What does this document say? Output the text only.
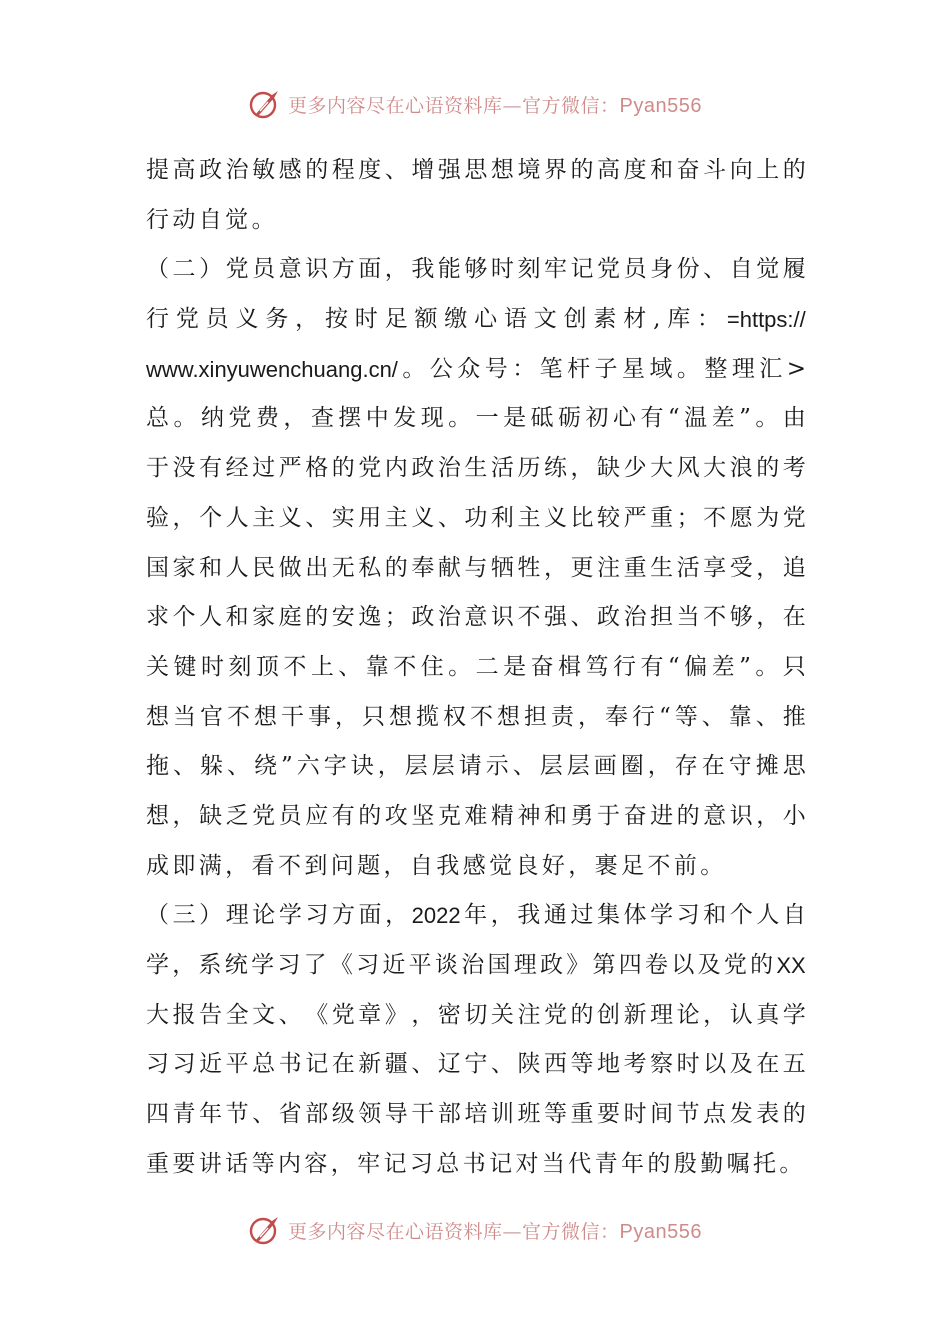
更多内容尽在心语资料库—官方微信：Pyan556
提 高 政 治 敏 感 的 程 度 、 增 强 思 想 境 界 的 高 度 和 奋 斗 向 上 的
行 动 自 觉 。
（ 二 ） 党 员 意 识 方 面 ， 我 能 够 时 刻 牢 记 党 员 身 份 、 自 觉 履
行 党 员 义 务 ， 按 时 足 额 缴 心 语 文 创 素 材 , 库 ： =https://
www.xinyuwenchuang.cn/ 。 公 众 号 ： 笔 杆 子 星 域 。 整 理 汇 >
总 。 纳 党 费 ， 查 摆 中 发 现 。 一 是 砥 砺 初 心 有 “ 温 差 ” 。 由
于 没 有 经 过 严 格 的 党 内 政 治 生 活 历 练 ， 缺 少 大 风 大 浪 的 考
验 ， 个 人 主 义 、 实 用 主 义 、 功 利 主 义 比 较 严 重 ； 不 愿 为 党
国 家 和 人 民 做 出 无 私 的 奉 献 与 牺 牲 ， 更 注 重 生 活 享 受 ， 追
求 个 人 和 家 庭 的 安 逸 ； 政 治 意 识 不 强 、 政 治 担 当 不 够 ， 在
关 键 时 刻 顶 不 上 、 靠 不 住 。 二 是 奋 楫 笃 行 有 “ 偏 差 ” 。 只
想 当 官 不 想 干 事 ， 只 想 揽 权 不 想 担 责 ， 奉 行 “ 等 、 靠 、 推
拖 、 躲 、 绕 ” 六 字 诀 ， 层 层 请 示 、 层 层 画 圈 ， 存 在 守 摊 思
想 ， 缺 乏 党 员 应 有 的 攻 坚 克 难 精 神 和 勇 于 奋 进 的 意 识 ， 小
成 即 满 ， 看 不 到 问 题 ， 自 我 感 觉 良 好 ， 裹 足 不 前 。
（ 三 ） 理 论 学 习 方 面 ， 2022 年 ， 我 通 过 集 体 学 习 和 个 人 自
学 ， 系 统 学 习 了 《 习 近 平 谈 治 国 理 政 》 第 四 卷 以 及 党 的 XX
大 报 告 全 文 、 《 党 章 》 ， 密 切 关 注 党 的 创 新 理 论 ， 认 真 学
习 习 近 平 总 书 记 在 新 疆 、 辽 宁 、 陕 西 等 地 考 察 时 以 及 在 五
四 青 年 节 、 省 部 级 领 导 干 部 培 训 班 等 重 要 时 间 节 点 发 表 的
重 要 讲 话 等 内 容 ， 牢 记 习 总 书 记 对 当 代 青 年 的 殷 勤 嘱 托 。
更多内容尽在心语资料库—官方微信：Pyan556
